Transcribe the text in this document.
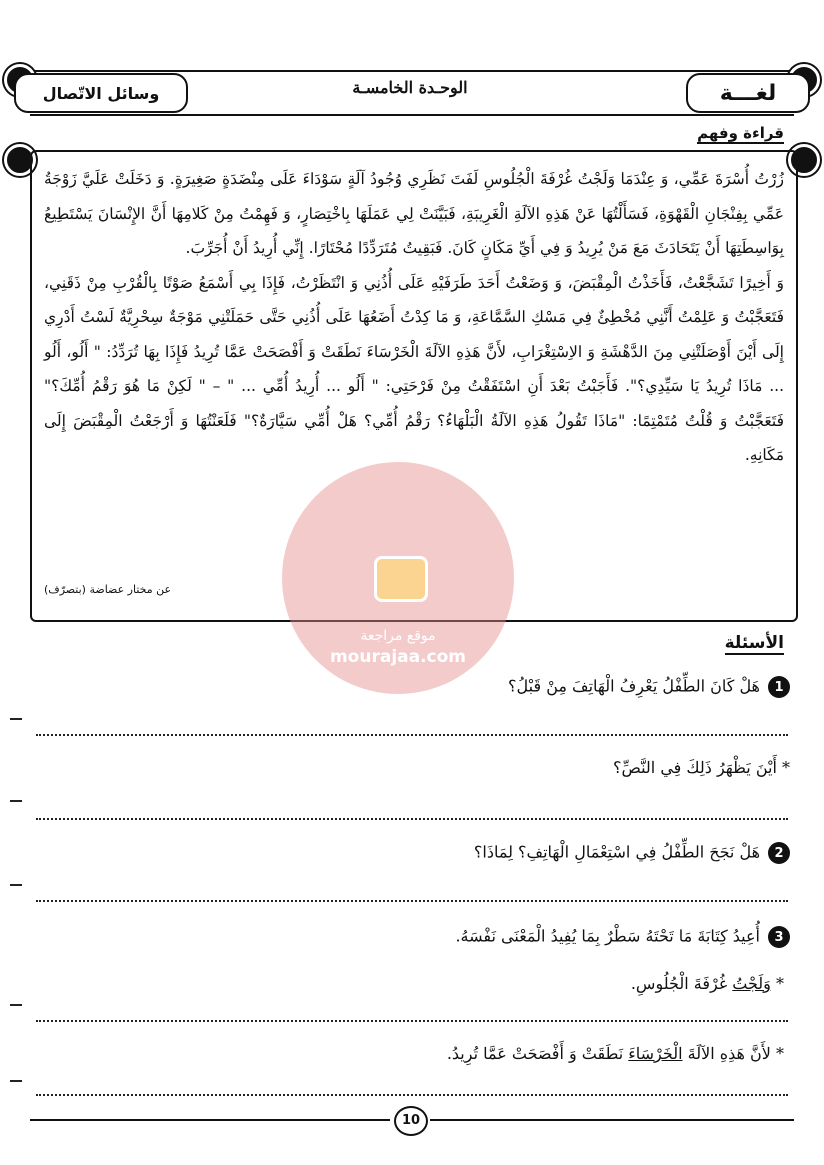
وسائل الاتّصال	الوحـدة الخامسـة	لغـــة
قراءة وفهم

زُرْتُ أُسْرَةَ عَمِّي، وَ عِنْدَمَا وَلَجْتُ غُرْفَةَ الْجُلُوسِ لَفَتَ نَظَرِي وُجُودُ آلَةٍ سَوْدَاءَ عَلَى مِنْضَدَةٍ صَغِيرَةٍ. وَ دَخَلَتْ عَلَيَّ زَوْجَةُ عَمِّي بِفِنْجَانِ الْقَهْوَةِ، فَسَأَلْتُهَا عَنْ هَذِهِ الآلَةِ الْغَرِيبَةِ، فَبَيَّنَتْ لِي عَمَلَهَا بِاخْتِصَارٍ، وَ فَهِمْتُ مِنْ كَلامِهَا أَنَّ الإِنْسَانَ يَسْتَطِيعُ بِوَاسِطَتِهَا أَنْ يَتَحَادَثَ مَعَ مَنْ يُرِيدُ وَ فِي أَيِّ مَكَانٍ كَانَ. فَبَقِيتُ مُتَرَدِّدًا مُحْتَارًا. إِنِّي أُرِيدُ أَنْ أُجَرِّبَ.

وَ أَخِيرًا تَشَجَّعْتُ، فَأَخَذْتُ الْمِقْبَضَ، وَ وَضَعْتُ أَحَدَ طَرَفَيْهِ عَلَى أُذُنِي وَ انْتَظَرْتُ، فَإِذَا بِي أَسْمَعُ صَوْتًا بِالْقُرْبِ مِنْ ذَقَنِي، فَتَعَجَّبْتُ وَ عَلِمْتُ أَنَّنِي مُخْطِئٌ فِي مَسْكِ السَّمَّاعَةِ، وَ مَا كِدْتُ أَضَعُهَا عَلَى أُذُنِي حَتَّى حَمَلَتْنِي مَوْجَةٌ سِحْرِيَّةٌ لَسْتُ أَدْرِي إِلَى أَيْنَ أَوْصَلَتْنِي مِنَ الدَّهْشَةِ وَ الاِسْتِغْرَابِ، لأَنَّ هَذِهِ الآلَةَ الْخَرْسَاءَ نَطَقَتْ وَ أَفْصَحَتْ عَمَّا تُرِيدُ فَإِذَا بِهَا تُرَدِّدُ: " أَلُو، أَلُو ... مَاذَا تُرِيدُ يَا سَيِّدِي؟". فَأَجَبْتُ بَعْدَ أَنِ اسْتَفَقْتُ مِنْ فَرْحَتِي: " أَلُو ... أُرِيدُ أُمِّي ... " – " لَكِنْ مَا هُوَ رَقْمُ أُمِّكَ؟" فَتَعَجَّبْتُ وَ قُلْتُ مُتَمْتِمًا: "مَاذَا تَقُولُ هَذِهِ الآلَةُ الْبَلْهَاءُ؟ رَقْمُ أُمِّي؟ هَلْ أُمِّي سَيَّارَةٌ؟" فَلَعَنْتُهَا وَ أَرْجَعْتُ الْمِقْبَضَ إِلَى مَكَانِهِ.

عن مختار عضاضة (بتصرّف)
موقع مراجعة
mourajaa.com
الأسئلة
1هَلْ كَانَ الطِّفْلُ يَعْرِفُ الْهَاتِفَ مِنْ قَبْلُ؟
* أَيْنَ يَظْهَرُ ذَلِكَ فِي النَّصِّ؟
2هَلْ نَجَحَ الطِّفْلُ فِي اسْتِعْمَالِ الْهَاتِفِ؟ لِمَاذَا؟
3أُعِيدُ كِتَابَةَ مَا تَحْتَهُ سَطْرٌ بِمَا يُفِيدُ الْمَعْنَى نَفْسَهُ.
* وَلَجْتُ غُرْفَةَ الْجُلُوسِ.
* لأَنَّ هَذِهِ الآلَةَ الْخَرْسَاءَ نَطَقَتْ وَ أَفْصَحَتْ عَمَّا تُرِيدُ.
10
